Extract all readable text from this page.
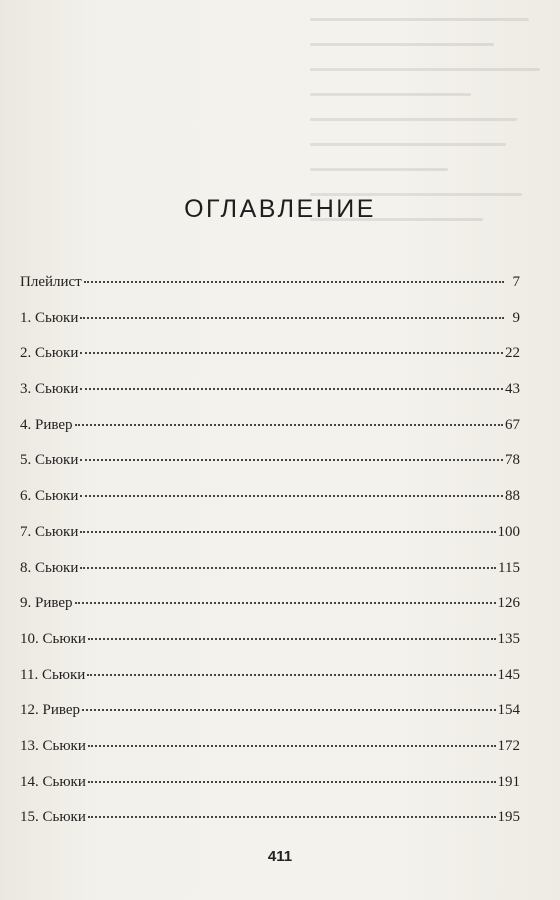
ОГЛАВЛЕНИЕ
Плейлист	7
1. Сьюки	9
2. Сьюки	22
3. Сьюки	43
4. Ривер	67
5. Сьюки	78
6. Сьюки	88
7. Сьюки	100
8. Сьюки	115
9. Ривер	126
10. Сьюки	135
11. Сьюки	145
12. Ривер	154
13. Сьюки	172
14. Сьюки	191
15. Сьюки	195
411
